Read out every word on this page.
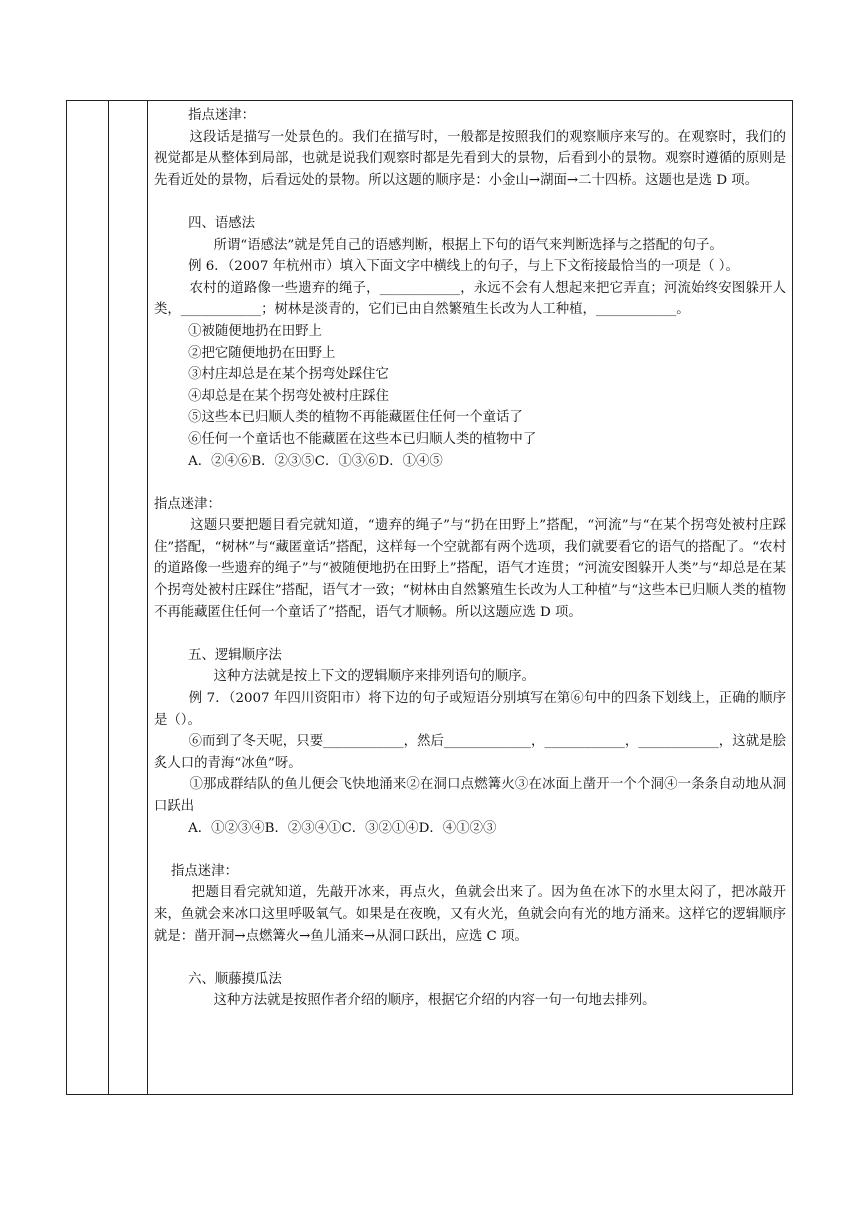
指点迷津：

这段话是描写一处景色的。我们在描写时，一般都是按照我们的观察顺序来写的。在观察时，我们的视觉都是从整体到局部，也就是说我们观察时都是先看到大的景物，后看到小的景物。观察时遵循的原则是先看近处的景物，后看远处的景物。所以这题的顺序是：小金山→湖面→二十四桥。这题也是选 D 项。

四、语感法

所谓“语感法”就是凭自己的语感判断，根据上下句的语气来判断选择与之搭配的句子。

例 6．（2007 年杭州市）填入下面文字中横线上的句子，与上下文衔接最恰当的一项是（ ）。

农村的道路像一些遗弃的绳子，____________，永远不会有人想起来把它弄直；河流始终安图躲开人类，____________；树林是淡青的，它们已由自然繁殖生长改为人工种植，____________。

①被随便地扔在田野上

②把它随便地扔在田野上

③村庄却总是在某个拐弯处踩住它

④却总是在某个拐弯处被村庄踩住

⑤这些本已归顺人类的植物不再能藏匿住任何一个童话了

⑥任何一个童话也不能藏匿在这些本已归顺人类的植物中了

A．②④⑥B．②③⑤C．①③⑥D．①④⑤

指点迷津：

这题只要把题目看完就知道，“遗弃的绳子”与“扔在田野上”搭配，“河流”与“在某个拐弯处被村庄踩住”搭配，“树林”与“藏匿童话”搭配，这样每一个空就都有两个选项，我们就要看它的语气的搭配了。“农村的道路像一些遗弃的绳子”与“被随便地扔在田野上”搭配，语气才连贯；“河流安图躲开人类”与“却总是在某个拐弯处被村庄踩住”搭配，语气才一致；“树林由自然繁殖生长改为人工种植”与“这些本已归顺人类的植物不再能藏匿住任何一个童话了”搭配，语气才顺畅。所以这题应选 D 项。

五、逻辑顺序法

这种方法就是按上下文的逻辑顺序来排列语句的顺序。

例 7．（2007 年四川资阳市）将下边的句子或短语分别填写在第⑥句中的四条下划线上，正确的顺序是（）。

⑥而到了冬天呢，只要____________，然后_____________，____________，____________，这就是脍炙人口的青海“冰鱼”呀。

①那成群结队的鱼儿便会飞快地涌来②在洞口点燃篝火③在冰面上凿开一个个洞④一条条自动地从洞口跃出

A．①②③④B．②③④①C．③②①④D．④①②③

指点迷津：

把题目看完就知道，先敲开冰来，再点火，鱼就会出来了。因为鱼在冰下的水里太闷了，把冰敲开来，鱼就会来冰口这里呼吸氧气。如果是在夜晚，又有火光，鱼就会向有光的地方涌来。这样它的逻辑顺序就是：凿开洞→点燃篝火→鱼儿涌来→从洞口跃出，应选 C 项。

六、顺藤摸瓜法

这种方法就是按照作者介绍的顺序，根据它介绍的内容一句一句地去排列。
